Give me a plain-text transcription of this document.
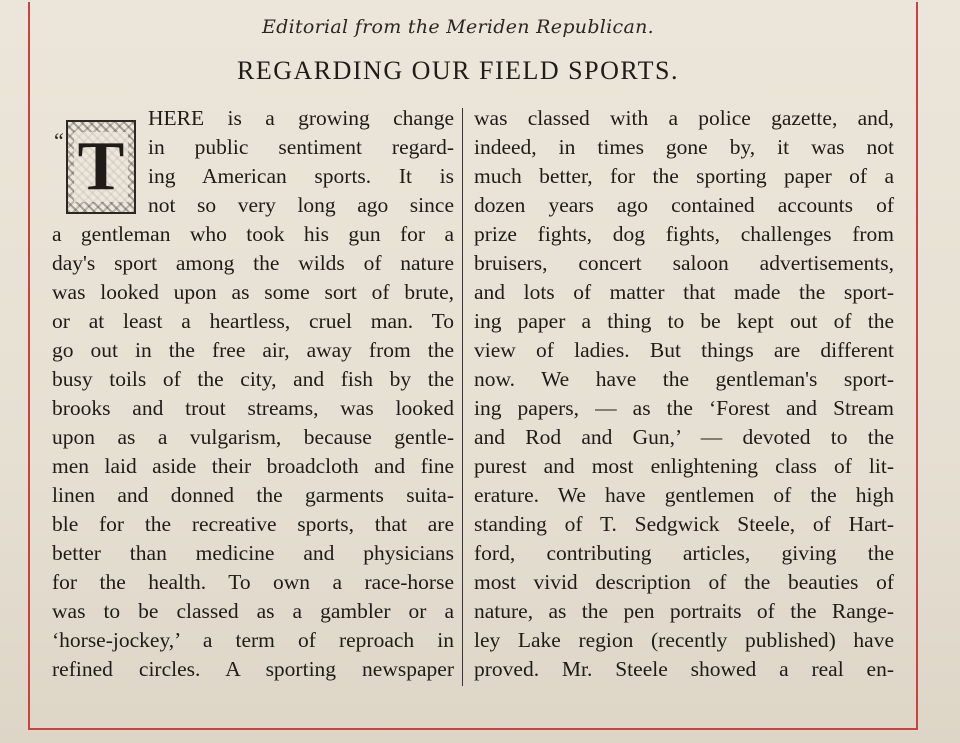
Editorial from the Meriden Republican.
REGARDING OUR FIELD SPORTS.
“ T
HERE is a growing change
in public sentiment regard-
ing American sports. It is
not so very long ago since
a gentleman who took his gun for a
day's sport among the wilds of nature
was looked upon as some sort of brute,
or at least a heartless, cruel man. To
go out in the free air, away from the
busy toils of the city, and fish by the
brooks and trout streams, was looked
upon as a vulgarism, because gentle-
men laid aside their broadcloth and fine
linen and donned the garments suita-
ble for the recreative sports, that are
better than medicine and physicians
for the health. To own a race-horse
was to be classed as a gambler or a
‘horse-jockey,’ a term of reproach in
refined circles. A sporting newspaper
was classed with a police gazette, and,
indeed, in times gone by, it was not
much better, for the sporting paper of a
dozen years ago contained accounts of
prize fights, dog fights, challenges from
bruisers, concert saloon advertisements,
and lots of matter that made the sport-
ing paper a thing to be kept out of the
view of ladies. But things are different
now. We have the gentleman's sport-
ing papers, — as the ‘Forest and Stream
and Rod and Gun,’ — devoted to the
purest and most enlightening class of lit-
erature. We have gentlemen of the high
standing of T. Sedgwick Steele, of Hart-
ford, contributing articles, giving the
most vivid description of the beauties of
nature, as the pen portraits of the Range-
ley Lake region (recently published) have
proved. Mr. Steele showed a real en-
